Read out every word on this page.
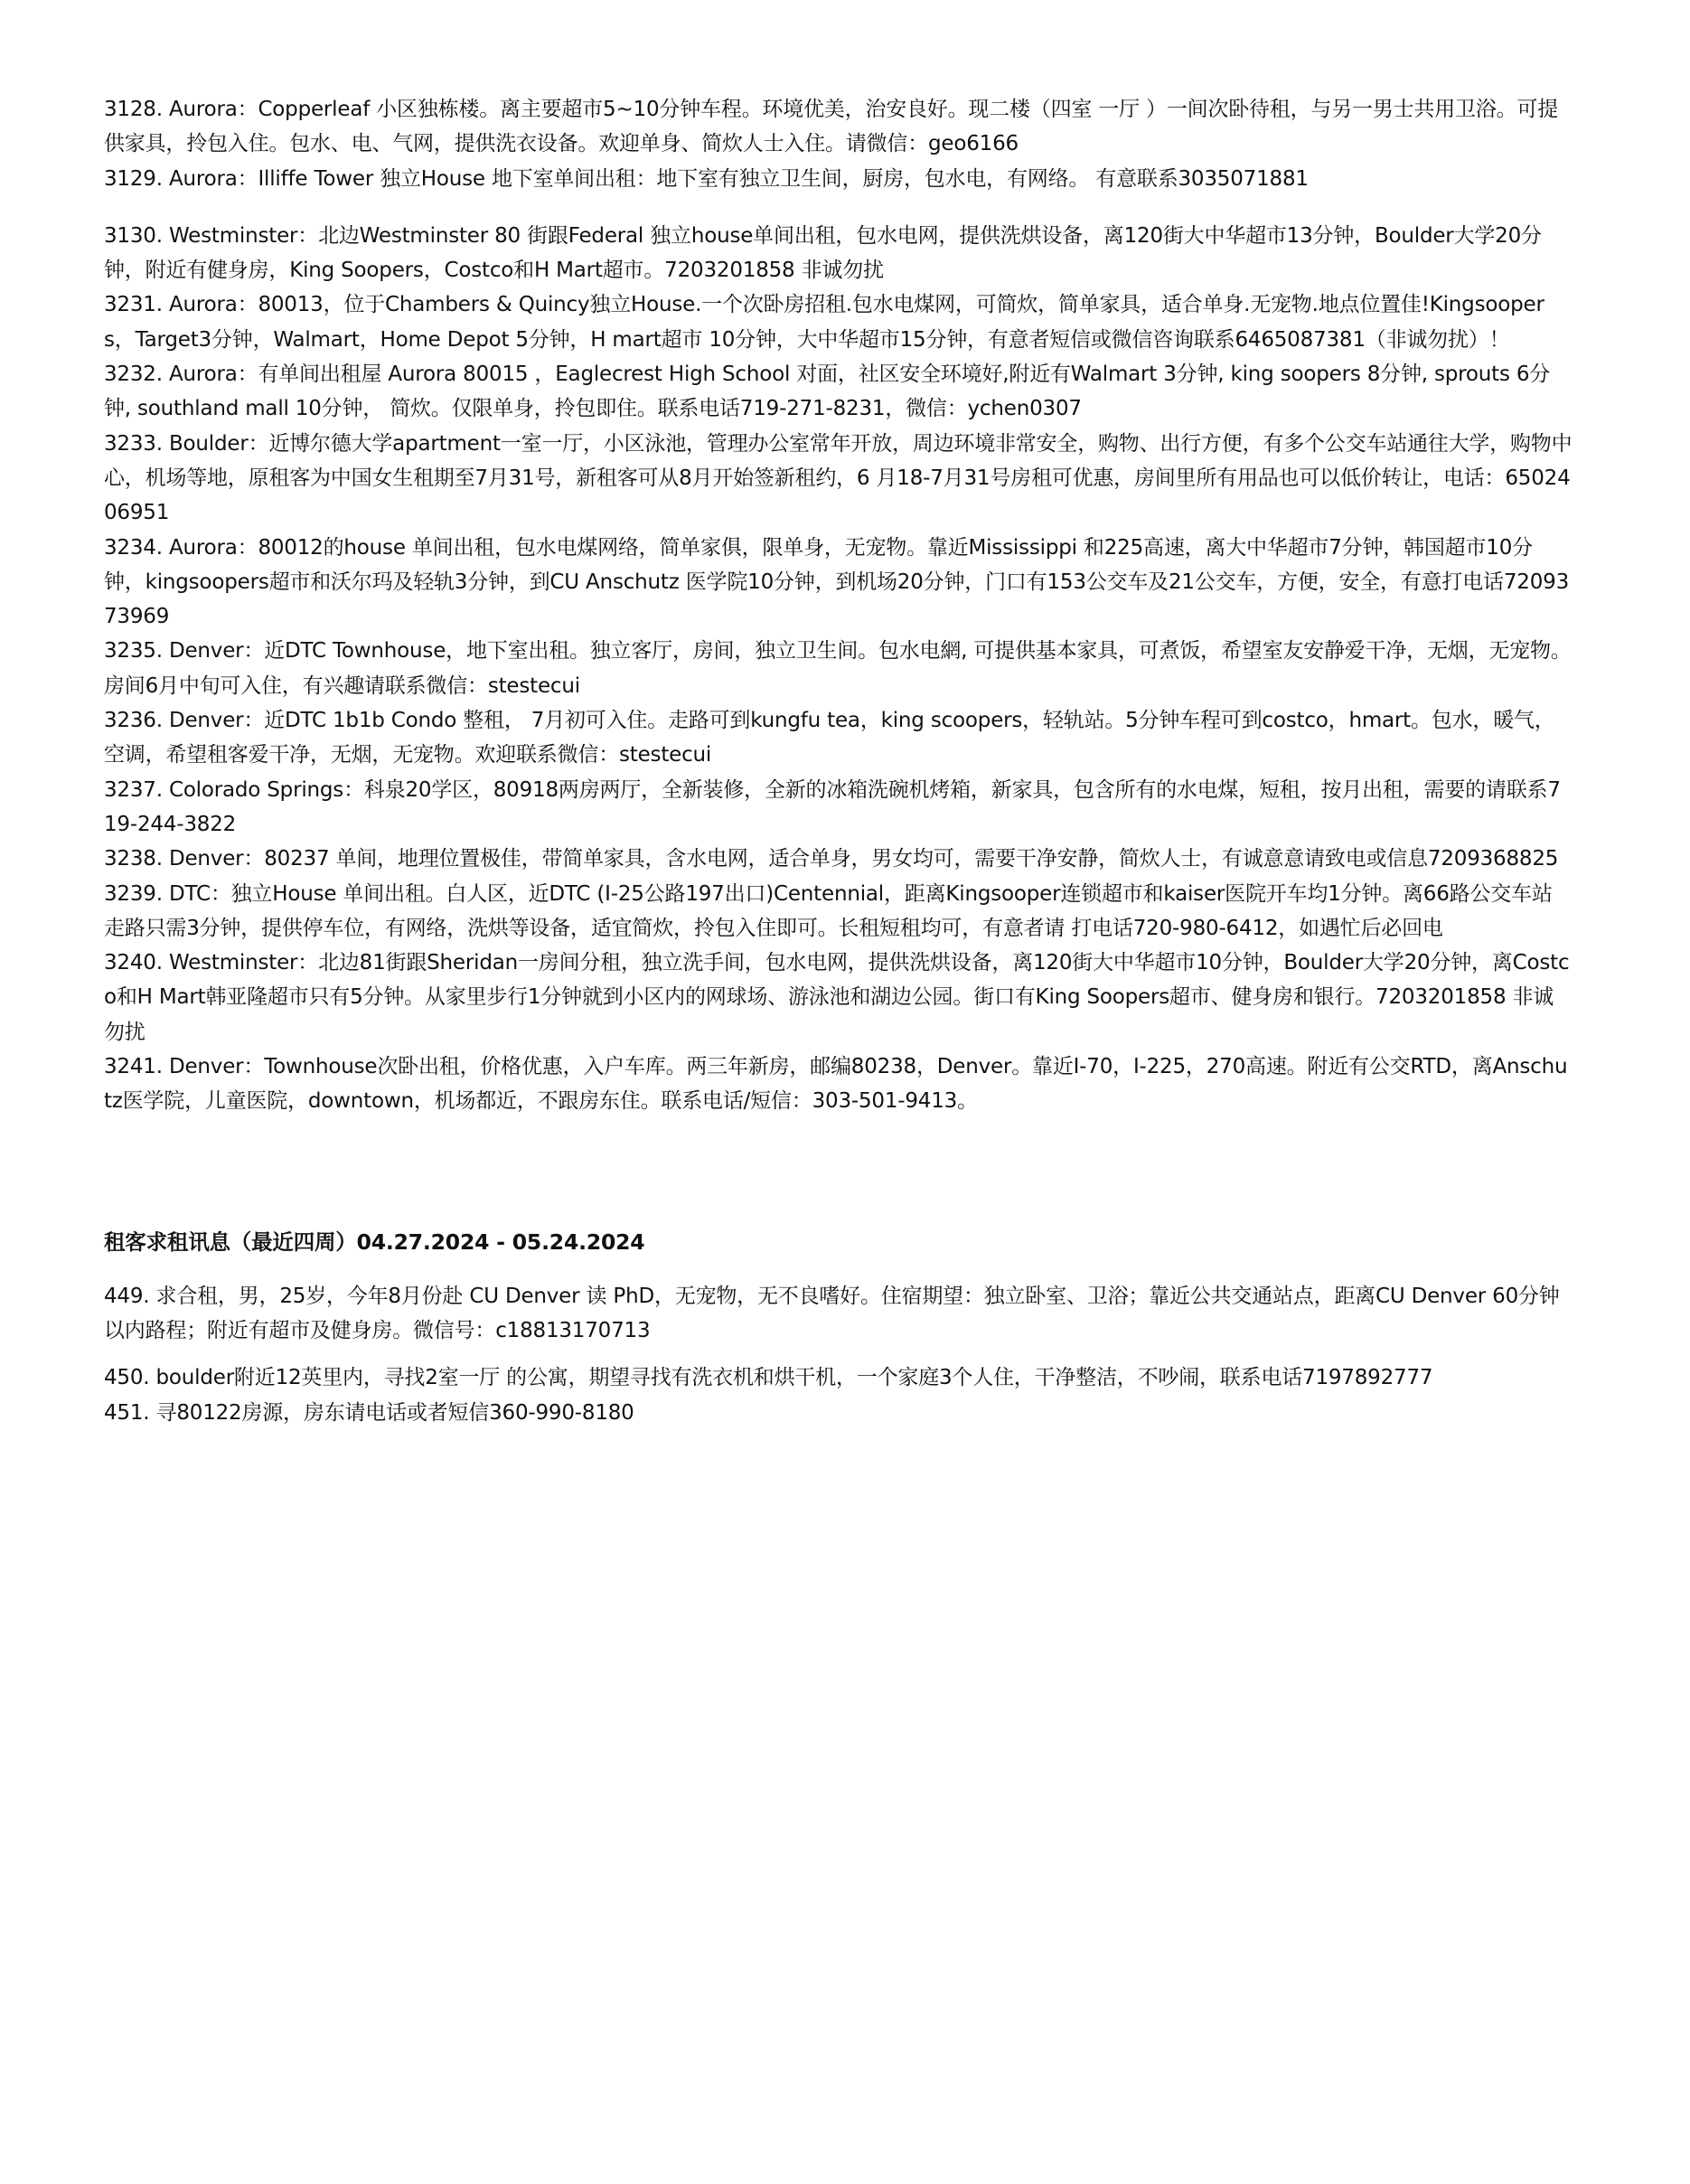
3128. Aurora：Copperleaf 小区独栋楼。离主要超市5~10分钟车程。环境优美，治安良好。现二楼（四室 一厅 ）一间次卧待租，与另一男士共用卫浴。可提供家具，拎包入住。包水、电、气网，提供洗衣设备。欢迎单身、简炊人士入住。请微信：geo6166

3129. Aurora：Illiffe Tower 独立House 地下室单间出租：地下室有独立卫生间，厨房，包水电，有网络。 有意联系3035071881

3130. Westminster：北边Westminster 80 街跟Federal 独立house单间出租，包水电网，提供洗烘设备，离120街大中华超市13分钟，Boulder大学20分钟，附近有健身房，King Soopers，Costco和H Mart超市。7203201858 非诚勿扰

3231. Aurora：80013，位于Chambers & Quincy独立House.一个次卧房招租.包水电煤网，可简炊，简单家具，适合单身.无宠物.地点位置佳!Kingsoopers，Target3分钟，Walmart，Home Depot 5分钟，H mart超市 10分钟，大中华超市15分钟，有意者短信或微信咨询联系6465087381（非诚勿扰）！

3232. Aurora：有单间出租屋 Aurora 80015 ，Eaglecrest High School 对面，社区安全环境好,附近有Walmart 3分钟, king soopers 8分钟, sprouts 6分钟, southland mall 10分钟， 简炊。仅限单身，拎包即住。联系电话719-271-8231，微信：ychen0307

3233. Boulder：近博尔德大学apartment一室一厅，小区泳池，管理办公室常年开放，周边环境非常安全，购物、出行方便，有多个公交车站通往大学，购物中心，机场等地，原租客为中国女生租期至7月31号，新租客可从8月开始签新租约，6 月18-7月31号房租可优惠，房间里所有用品也可以低价转让，电话：6502406951

3234. Aurora：80012的house 单间出租，包水电煤网络，简单家俱，限单身，无宠物。靠近Mississippi 和225高速，离大中华超市7分钟，韩国超市10分钟，kingsoopers超市和沃尔玛及轻轨3分钟，到CU Anschutz 医学院10分钟，到机场20分钟，门口有153公交车及21公交车，方便，安全，有意打电话7209373969

3235. Denver：近DTC Townhouse，地下室出租。独立客厅，房间，独立卫生间。包水电網, 可提供基本家具，可煮饭，希望室友安静爱干净，无烟，无宠物。房间6月中旬可入住，有兴趣请联系微信：stestecui

3236. Denver：近DTC 1b1b Condo 整租， 7月初可入住。走路可到kungfu tea，king scoopers，轻轨站。5分钟车程可到costco，hmart。包水，暖气，空调，希望租客爱干净，无烟，无宠物。欢迎联系微信：stestecui

3237. Colorado Springs：科泉20学区，80918两房两厅，全新装修，全新的冰箱洗碗机烤箱，新家具，包含所有的水电煤，短租，按月出租，需要的请联系719-244-3822

3238. Denver：80237 单间，地理位置极佳，带简单家具，含水电网，适合单身，男女均可，需要干净安静，简炊人士，有诚意意请致电或信息7209368825

3239. DTC：独立House 单间出租。白人区，近DTC (I-25公路197出口)Centennial，距离Kingsooper连锁超市和kaiser医院开车均1分钟。离66路公交车站走路只需3分钟，提供停车位，有网络，洗烘等设备，适宜简炊，拎包入住即可。长租短租均可，有意者请 打电话720-980-6412，如遇忙后必回电

3240. Westminster：北边81街跟Sheridan一房间分租，独立洗手间，包水电网，提供洗烘设备，离120街大中华超市10分钟，Boulder大学20分钟，离Costco和H Mart韩亚隆超市只有5分钟。从家里步行1分钟就到小区内的网球场、游泳池和湖边公园。街口有King Soopers超市、健身房和银行。7203201858 非诚勿扰

3241. Denver：Townhouse次卧出租，价格优惠，入户车库。两三年新房，邮编80238，Denver。靠近I-70，I-225，270高速。附近有公交RTD，离Anschutz医学院，儿童医院，downtown，机场都近，不跟房东住。联系电话/短信：303-501-9413。

租客求租讯息（最近四周）04.27.2024 - 05.24.2024

449. 求合租，男，25岁，今年8月份赴 CU Denver 读 PhD，无宠物，无不良嗜好。住宿期望：独立卧室、卫浴；靠近公共交通站点，距离CU Denver 60分钟以内路程；附近有超市及健身房。微信号：c18813170713

450. boulder附近12英里内，寻找2室一厅 的公寓，期望寻找有洗衣机和烘干机，一个家庭3个人住，干净整洁，不吵闹，联系电话7197892777

451. 寻80122房源，房东请电话或者短信360-990-8180
